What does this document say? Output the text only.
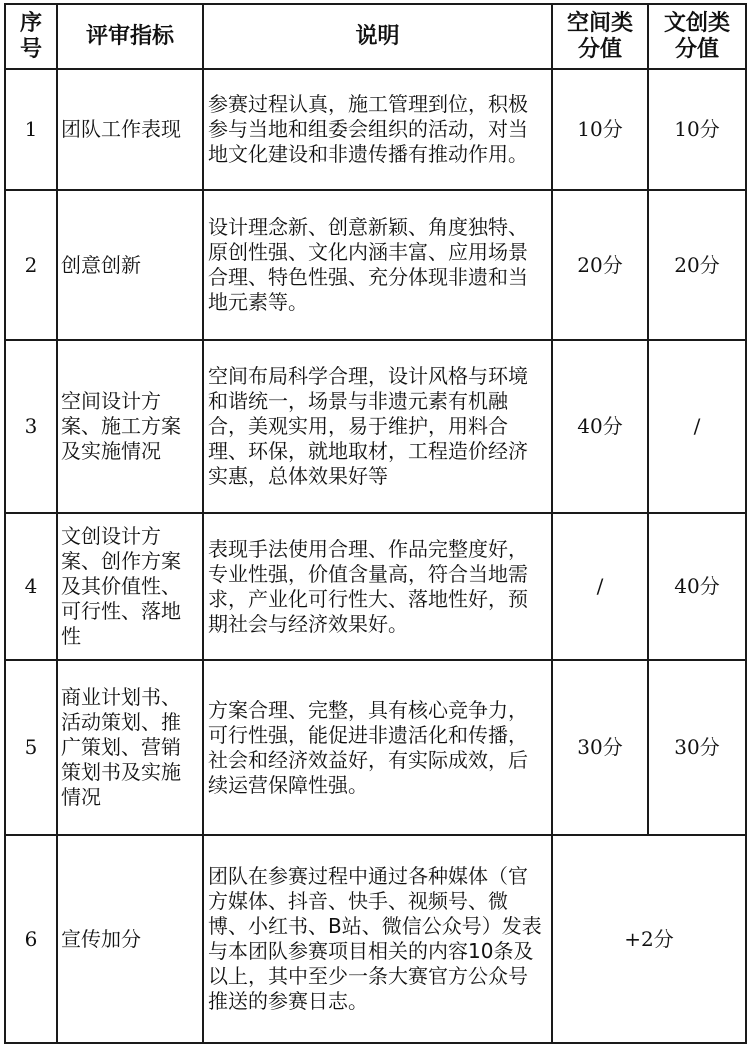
序号	评审指标	说明	空间类分值	文创类分值
1	团队工作表现	参赛过程认真，施工管理到位，积极参与当地和组委会组织的活动，对当地文化建设和非遗传播有推动作用。	10分	10分
2	创意创新	设计理念新、创意新颖、角度独特、原创性强、文化内涵丰富、应用场景合理、特色性强、充分体现非遗和当地元素等。	20分	20分
3	空间设计方案、施工方案及实施情况	空间布局科学合理，设计风格与环境和谐统一，场景与非遗元素有机融合，美观实用，易于维护，用料合理、环保，就地取材，工程造价经济实惠，总体效果好等	40分	/
4	文创设计方案、创作方案及其价值性、可行性、落地性	表现手法使用合理、作品完整度好，专业性强，价值含量高，符合当地需求，产业化可行性大、落地性好，预期社会与经济效果好。	/	40分
5	商业计划书、活动策划、推广策划、营销策划书及实施情况	方案合理、完整，具有核心竞争力，可行性强，能促进非遗活化和传播，社会和经济效益好，有实际成效，后续运营保障性强。	30分	30分
6	宣传加分	团队在参赛过程中通过各种媒体（官方媒体、抖音、快手、视频号、微博、小红书、B站、微信公众号）发表与本团队参赛项目相关的内容10条及以上，其中至少一条大赛官方公众号推送的参赛日志。	+2分	
